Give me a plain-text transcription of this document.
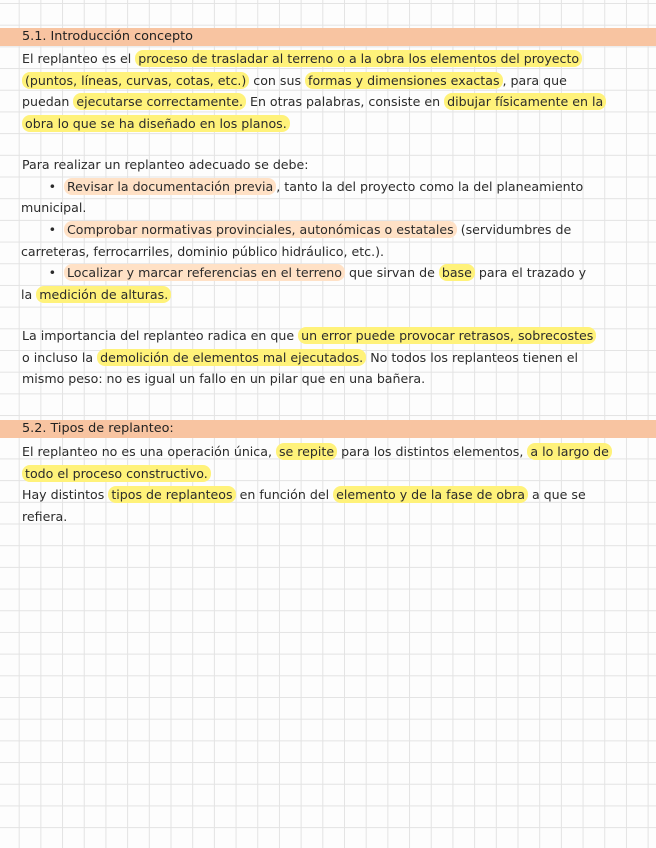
5.1. Introducción concepto
El replanteo es el proceso de trasladar al terreno o a la obra los elementos del proyecto
(puntos, líneas, curvas, cotas, etc.) con sus formas y dimensiones exactas , para que
puedan ejecutarse correctamente. En otras palabras, consiste en dibujar físicamente en la
obra lo que se ha diseñado en los planos.
Para realizar un replanteo adecuado se debe:
• Revisar la documentación previa , tanto la del proyecto como la del planeamiento
municipal.
• Comprobar normativas provinciales, autonómicas o estatales (servidumbres de
carreteras, ferrocarriles, dominio público hidráulico, etc.).
• Localizar y marcar referencias en el terreno que sirvan de base para el trazado y
la medición de alturas.
La importancia del replanteo radica en que un error puede provocar retrasos, sobrecostes
o incluso la demolición de elementos mal ejecutados. No todos los replanteos tienen el
mismo peso: no es igual un fallo en un pilar que en una bañera.
5.2. Tipos de replanteo:
El replanteo no es una operación única, se repite para los distintos elementos, a lo largo de
todo el proceso constructivo.
Hay distintos tipos de replanteos en función del elemento y de la fase de obra a que se
refiera.
